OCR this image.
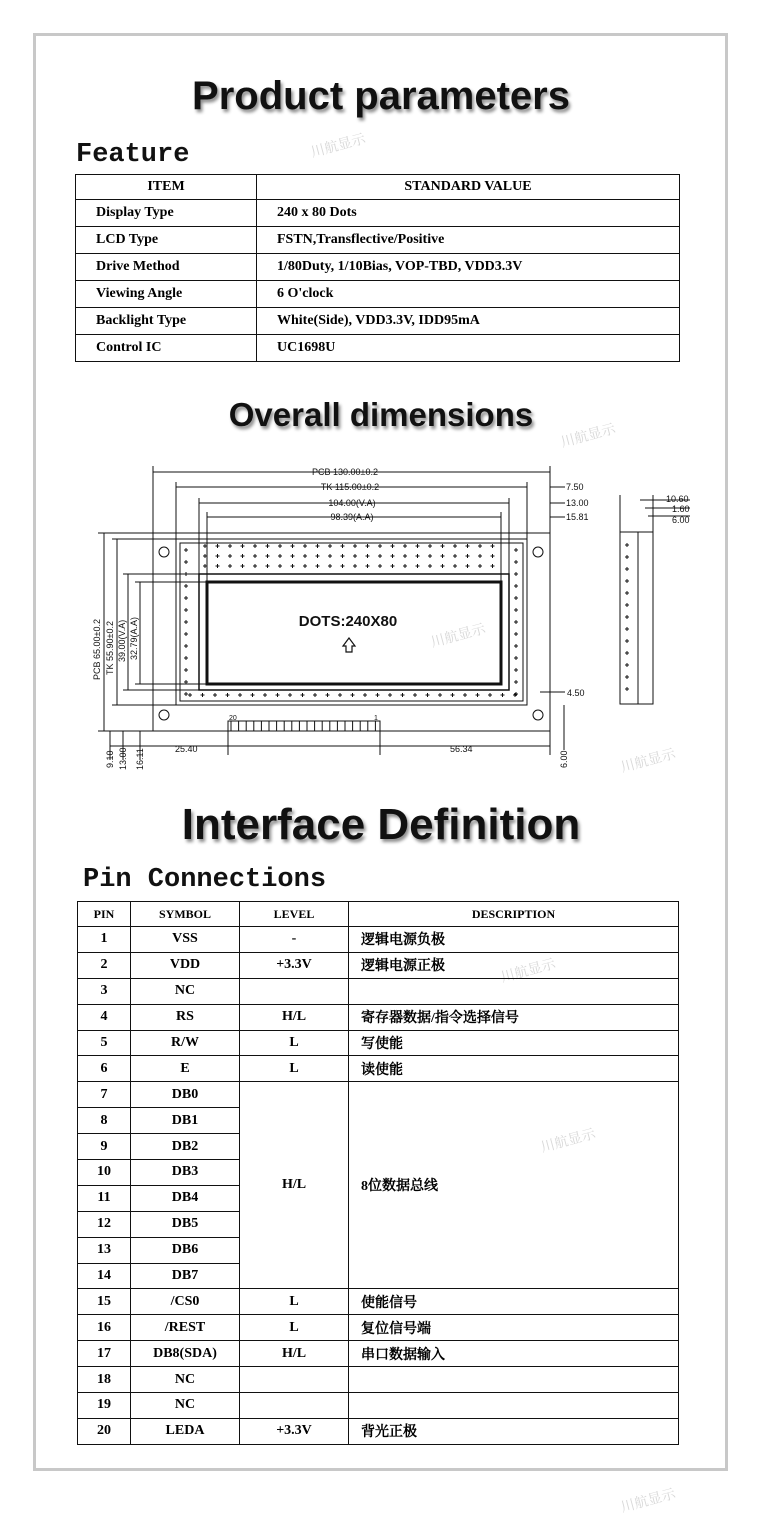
川航显示
川航显示
川航显示
川航显示
川航显示
川航显示
川航显示
Product parameters
Feature
ITEM	STANDARD VALUE
Display Type	240 x 80 Dots
LCD Type	FSTN,Transflective/Positive
Drive Method	1/80Duty, 1/10Bias, VOP-TBD, VDD3.3V
Viewing Angle	6 O'clock
Backlight Type	White(Side), VDD3.3V, IDD95mA
Control IC	UC1698U
Overall dimensions
PCB 130.00±0.2
TK 115.00±0.2
104.00(V.A)
98.39(A.A)
7.50
13.00
15.81
4.50
10.60
1.60
6.00
25.40	56.34
20	1
PCB 65.00±0.2 TK 55.90±0.2 39.00(V.A) 32.79(A.A)
9.10 13.00 16.11	6.00
DOTS:240X80
Interface Definition
Pin Connections
PIN	SYMBOL	LEVEL	DESCRIPTION
1	VSS	-	逻辑电源负极
2	VDD	+3.3V	逻辑电源正极
3	NC		
4	RS	H/L	寄存器数据/指令选择信号
5	R/W	L	写使能
6	E	L	读使能
7	DB0	H/L	8位数据总线
8	DB1		
9	DB2		
10	DB3		
11	DB4		
12	DB5		
13	DB6		
14	DB7		
15	/CS0	L	使能信号
16	/REST	L	复位信号端
17	DB8(SDA)	H/L	串口数据输入
18	NC		
19	NC		
20	LEDA	+3.3V	背光正极
